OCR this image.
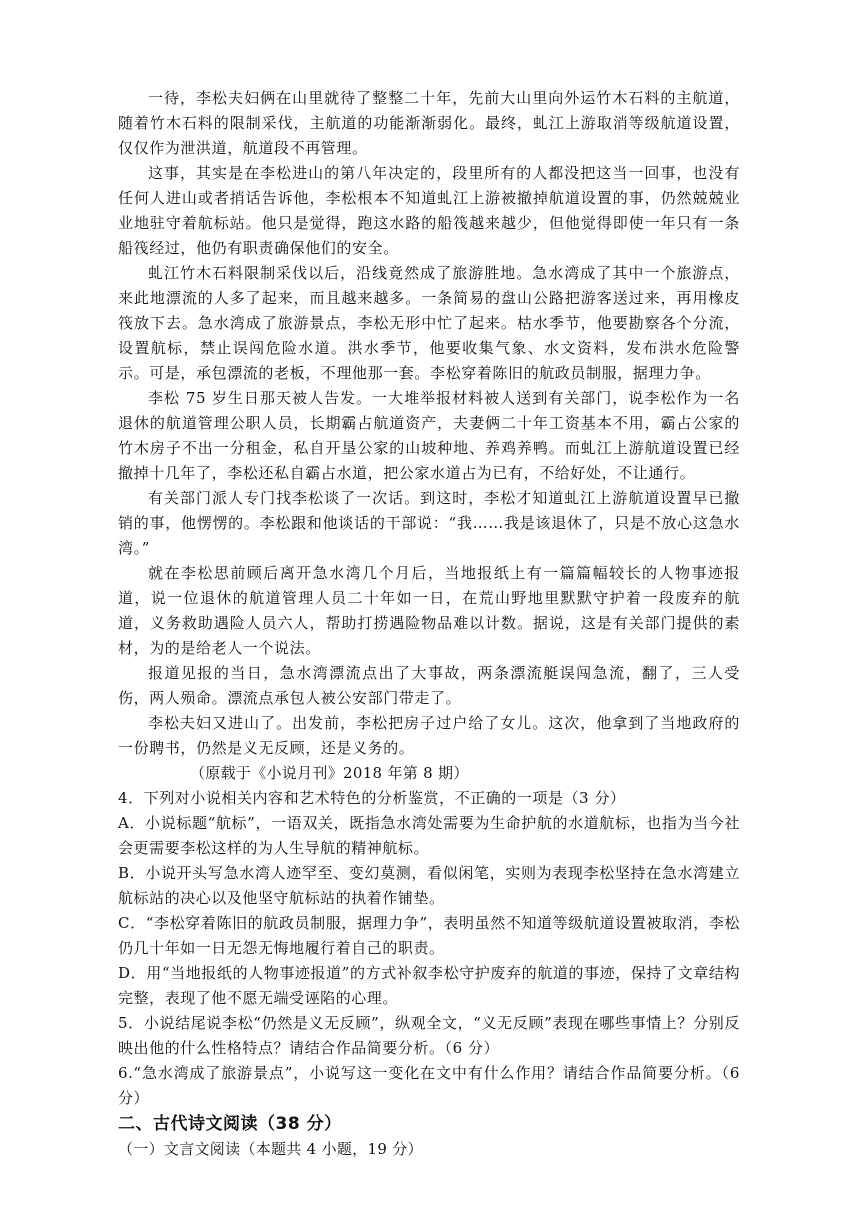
一待，李松夫妇俩在山里就待了整整二十年，先前大山里向外运竹木石料的主航道，随着竹木石料的限制采伐，主航道的功能渐渐弱化。最终，虬江上游取消等级航道设置，仅仅作为泄洪道，航道段不再管理。

这事，其实是在李松进山的第八年决定的，段里所有的人都没把这当一回事，也没有任何人进山或者捎话告诉他，李松根本不知道虬江上游被撤掉航道设置的事，仍然兢兢业业地驻守着航标站。他只是觉得，跑这水路的船筏越来越少，但他觉得即使一年只有一条船筏经过，他仍有职责确保他们的安全。

虬江竹木石料限制采伐以后，沿线竟然成了旅游胜地。急水湾成了其中一个旅游点，来此地漂流的人多了起来，而且越来越多。一条简易的盘山公路把游客送过来，再用橡皮筏放下去。急水湾成了旅游景点，李松无形中忙了起来。枯水季节，他要勘察各个分流，设置航标，禁止误闯危险水道。洪水季节，他要收集气象、水文资料，发布洪水危险警示。可是，承包漂流的老板，不理他那一套。李松穿着陈旧的航政员制服，据理力争。

李松 75 岁生日那天被人告发。一大堆举报材料被人送到有关部门，说李松作为一名退休的航道管理公职人员，长期霸占航道资产，夫妻俩二十年工资基本不用，霸占公家的竹木房子不出一分租金，私自开垦公家的山坡种地、养鸡养鸭。而虬江上游航道设置已经撤掉十几年了，李松还私自霸占水道，把公家水道占为已有，不给好处，不让通行。

有关部门派人专门找李松谈了一次话。到这时，李松才知道虬江上游航道设置早已撤销的事，他愣愣的。李松跟和他谈话的干部说：“我……我是该退休了，只是不放心这急水湾。”

就在李松思前顾后离开急水湾几个月后，当地报纸上有一篇篇幅较长的人物事迹报道，说一位退休的航道管理人员二十年如一日，在荒山野地里默默守护着一段废弃的航道，义务救助遇险人员六人，帮助打捞遇险物品难以计数。据说，这是有关部门提供的素材，为的是给老人一个说法。

报道见报的当日，急水湾漂流点出了大事故，两条漂流艇误闯急流，翻了，三人受伤，两人殒命。漂流点承包人被公安部门带走了。

李松夫妇又进山了。出发前，李松把房子过户给了女儿。这次，他拿到了当地政府的一份聘书，仍然是义无反顾，还是义务的。

（原载于《小说月刊》2018 年第 8 期）

4．下列对小说相关内容和艺术特色的分析鉴赏，不正确的一项是（3 分）

A．小说标题“航标”，一语双关，既指急水湾处需要为生命护航的水道航标，也指为当今社会更需要李松这样的为人生导航的精神航标。

B．小说开头写急水湾人迹罕至、变幻莫测，看似闲笔，实则为表现李松坚持在急水湾建立航标站的决心以及他坚守航标站的执着作铺垫。

C．“李松穿着陈旧的航政员制服，据理力争”，表明虽然不知道等级航道设置被取消，李松仍几十年如一日无怨无悔地履行着自己的职责。

D．用“当地报纸的人物事迹报道”的方式补叙李松守护废弃的航道的事迹，保持了文章结构完整，表现了他不愿无端受诬陷的心理。

5．小说结尾说李松“仍然是义无反顾”，纵观全文，“义无反顾”表现在哪些事情上？分别反映出他的什么性格特点？请结合作品简要分析。（6 分）

6.“急水湾成了旅游景点”，小说写这一变化在文中有什么作用？请结合作品简要分析。（6 分）

二、古代诗文阅读（38 分）

（一）文言文阅读（本题共 4 小题，19 分）
